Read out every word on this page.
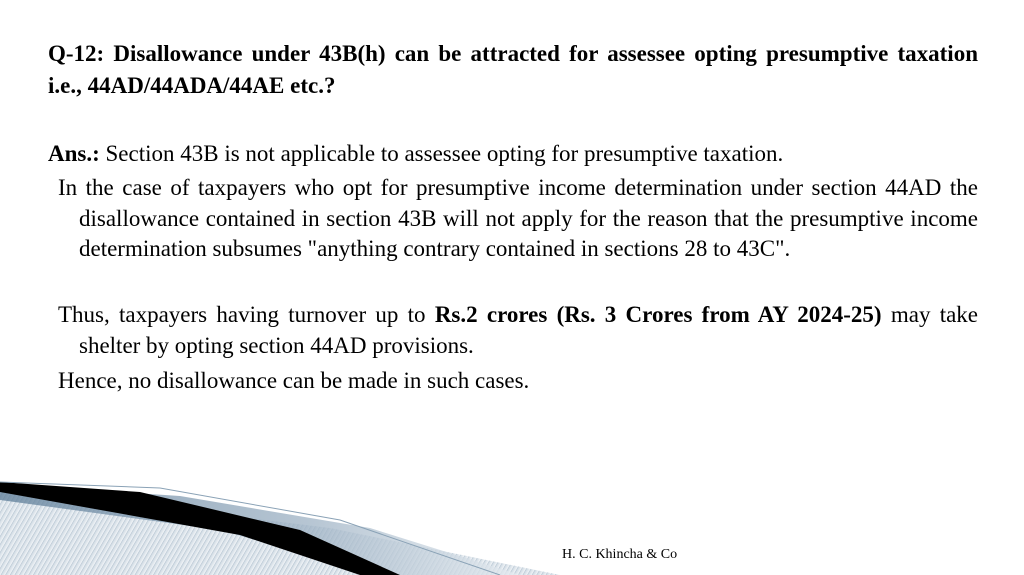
Q-12: Disallowance under 43B(h) can be attracted for assessee opting presumptive taxation i.e., 44AD/44ADA/44AE etc.?
Ans.: Section 43B is not applicable to assessee opting for presumptive taxation.
In the case of taxpayers who opt for presumptive income determination under section 44AD the disallowance contained in section 43B will not apply for the reason that the presumptive income determination subsumes "anything contrary contained in sections 28 to 43C".
Thus, taxpayers having turnover up to Rs.2 crores (Rs. 3 Crores from AY 2024-25) may take shelter by opting section 44AD provisions.
Hence, no disallowance can be made in such cases.
H. C. Khincha & Co
